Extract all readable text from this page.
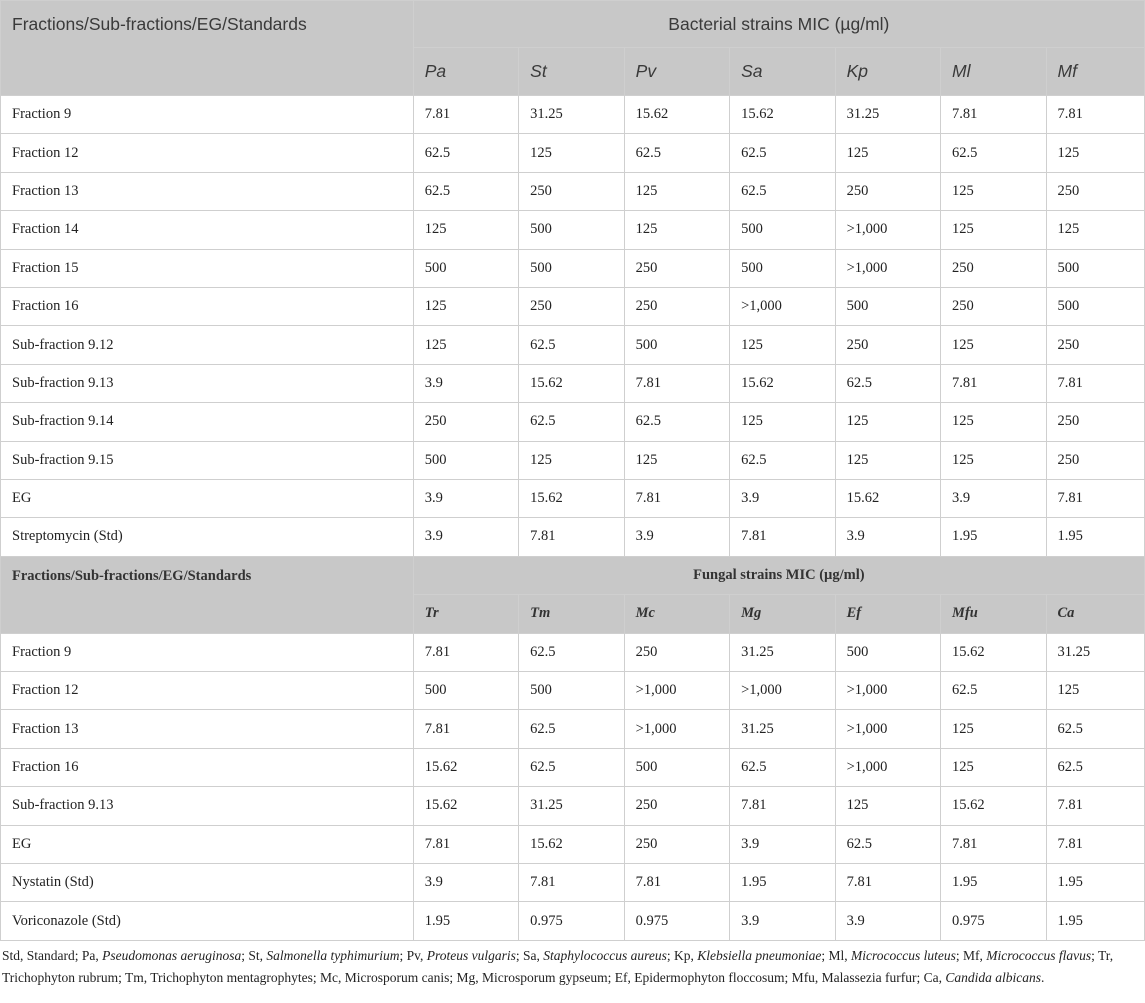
Fractions/Sub-fractions/EG/Standards	Bacterial strains MIC (µg/ml)						
	Pa	St	Pv	Sa	Kp	Ml	Mf
Fraction 9	7.81	31.25	15.62	15.62	31.25	7.81	7.81
Fraction 12	62.5	125	62.5	62.5	125	62.5	125
Fraction 13	62.5	250	125	62.5	250	125	250
Fraction 14	125	500	125	500	>1,000	125	125
Fraction 15	500	500	250	500	>1,000	250	500
Fraction 16	125	250	250	>1,000	500	250	500
Sub-fraction 9.12	125	62.5	500	125	250	125	250
Sub-fraction 9.13	3.9	15.62	7.81	15.62	62.5	7.81	7.81
Sub-fraction 9.14	250	62.5	62.5	125	125	125	250
Sub-fraction 9.15	500	125	125	62.5	125	125	250
EG	3.9	15.62	7.81	3.9	15.62	3.9	7.81
Streptomycin (Std)	3.9	7.81	3.9	7.81	3.9	1.95	1.95
Fractions/Sub-fractions/EG/Standards	Fungal strains MIC (µg/ml)						
	Tr	Tm	Mc	Mg	Ef	Mfu	Ca
Fraction 9	7.81	62.5	250	31.25	500	15.62	31.25
Fraction 12	500	500	>1,000	>1,000	>1,000	62.5	125
Fraction 13	7.81	62.5	>1,000	31.25	>1,000	125	62.5
Fraction 16	15.62	62.5	500	62.5	>1,000	125	62.5
Sub-fraction 9.13	15.62	31.25	250	7.81	125	15.62	7.81
EG	7.81	15.62	250	3.9	62.5	7.81	7.81
Nystatin (Std)	3.9	7.81	7.81	1.95	7.81	1.95	1.95
Voriconazole (Std)	1.95	0.975	0.975	3.9	3.9	0.975	1.95
Std, Standard; Pa, Pseudomonas aeruginosa; St, Salmonella typhimurium; Pv, Proteus vulgaris; Sa, Staphylococcus aureus; Kp, Klebsiella pneumoniae; Ml, Micrococcus luteus; Mf, Micrococcus flavus; Tr, Trichophyton rubrum; Tm, Trichophyton mentagrophytes; Mc, Microsporum canis; Mg, Microsporum gypseum; Ef, Epidermophyton floccosum; Mfu, Malassezia furfur; Ca, Candida albicans.
